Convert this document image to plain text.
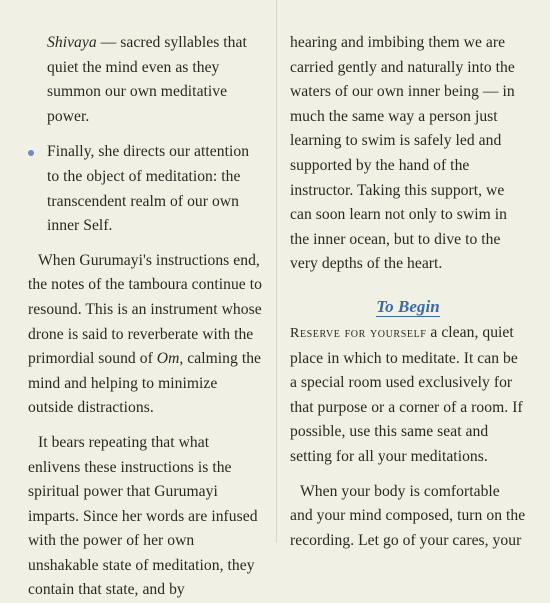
Shivaya — sacred syllables that quiet the mind even as they summon our own meditative power.

Finally, she directs our attention to the object of meditation: the transcendent realm of our own inner Self.

When Gurumayi's instructions end, the notes of the tamboura continue to resound. This is an instrument whose drone is said to reverberate with the primordial sound of Om, calming the mind and helping to minimize outside distractions.

It bears repeating that what enlivens these instructions is the spiritual power that Gurumayi imparts. Since her words are infused with the power of her own unshakable state of meditation, they contain that state, and by

hearing and imbibing them we are carried gently and naturally into the waters of our own inner being — in much the same way a person just learning to swim is safely led and supported by the hand of the instructor. Taking this support, we can soon learn not only to swim in the inner ocean, but to dive to the very depths of the heart.

To Begin

Reserve for yourself a clean, quiet place in which to meditate. It can be a special room used exclusively for that purpose or a corner of a room. If possible, use this same seat and setting for all your meditations.

When your body is comfortable and your mind composed, turn on the recording. Let go of your cares, your
